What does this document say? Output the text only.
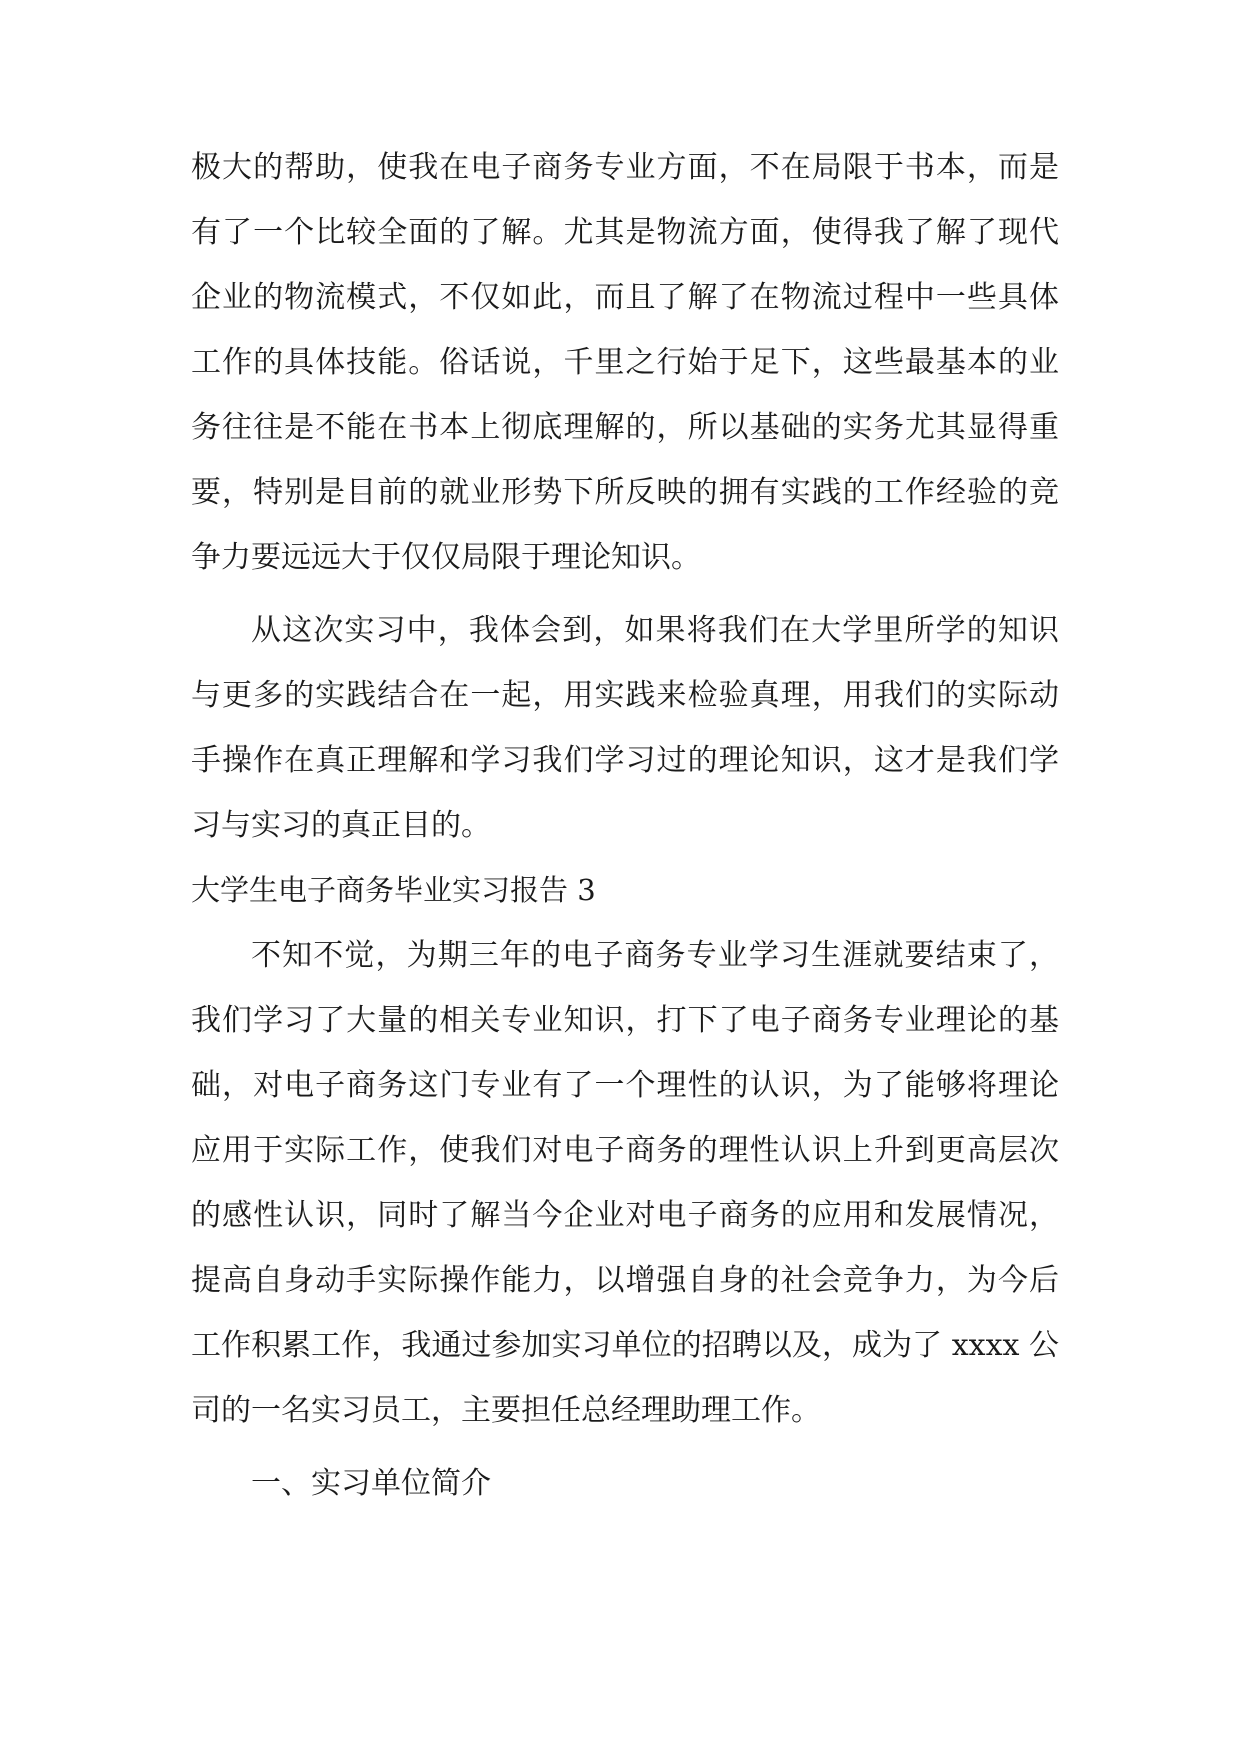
极大的帮助，使我在电子商务专业方面，不在局限于书本，而是有了一个比较全面的了解。尤其是物流方面，使得我了解了现代企业的物流模式，不仅如此，而且了解了在物流过程中一些具体工作的具体技能。俗话说，千里之行始于足下，这些最基本的业务往往是不能在书本上彻底理解的，所以基础的实务尤其显得重要，特别是目前的就业形势下所反映的拥有实践的工作经验的竞争力要远远大于仅仅局限于理论知识。

从这次实习中，我体会到，如果将我们在大学里所学的知识与更多的实践结合在一起，用实践来检验真理，用我们的实际动手操作在真正理解和学习我们学习过的理论知识，这才是我们学习与实习的真正目的。

大学生电子商务毕业实习报告 3

不知不觉，为期三年的电子商务专业学习生涯就要结束了，我们学习了大量的相关专业知识，打下了电子商务专业理论的基础，对电子商务这门专业有了一个理性的认识，为了能够将理论应用于实际工作，使我们对电子商务的理性认识上升到更高层次的感性认识，同时了解当今企业对电子商务的应用和发展情况，提高自身动手实际操作能力，以增强自身的社会竞争力，为今后工作积累工作，我通过参加实习单位的招聘以及，成为了 xxxx 公司的一名实习员工，主要担任总经理助理工作。

一、实习单位简介
